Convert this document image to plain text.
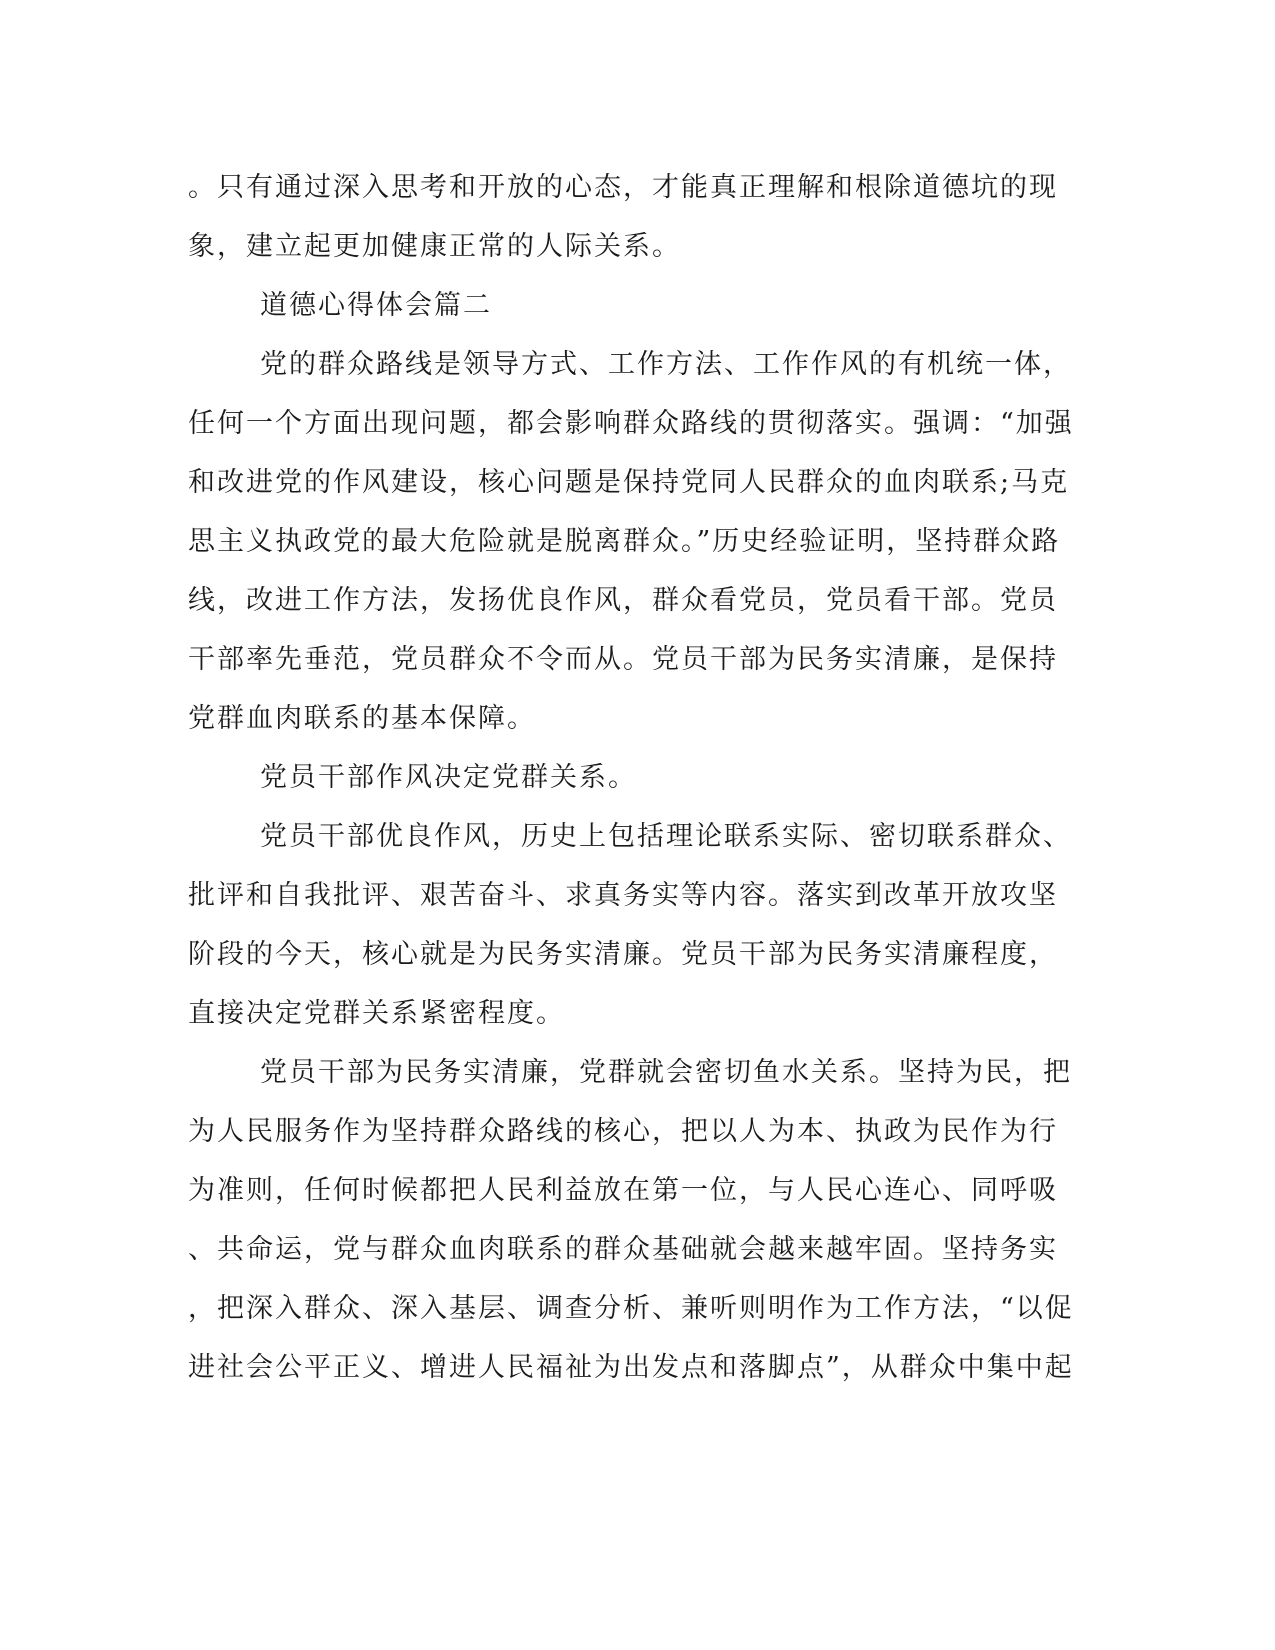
。只有通过深入思考和开放的心态，才能真正理解和根除道德坑的现
象，建立起更加健康正常的人际关系。
道德心得体会篇二
党的群众路线是领导方式、工作方法、工作作风的有机统一体，
任何一个方面出现问题，都会影响群众路线的贯彻落实。强调：“加强
和改进党的作风建设，核心问题是保持党同人民群众的血肉联系;马克
思主义执政党的最大危险就是脱离群众。”历史经验证明，坚持群众路
线，改进工作方法，发扬优良作风，群众看党员，党员看干部。党员
干部率先垂范，党员群众不令而从。党员干部为民务实清廉，是保持
党群血肉联系的基本保障。
党员干部作风决定党群关系。
党员干部优良作风，历史上包括理论联系实际、密切联系群众、
批评和自我批评、艰苦奋斗、求真务实等内容。落实到改革开放攻坚
阶段的今天，核心就是为民务实清廉。党员干部为民务实清廉程度，
直接决定党群关系紧密程度。
党员干部为民务实清廉，党群就会密切鱼水关系。坚持为民，把
为人民服务作为坚持群众路线的核心，把以人为本、执政为民作为行
为准则，任何时候都把人民利益放在第一位，与人民心连心、同呼吸
、共命运，党与群众血肉联系的群众基础就会越来越牢固。坚持务实
，把深入群众、深入基层、调查分析、兼听则明作为工作方法，“以促
进社会公平正义、增进人民福祉为出发点和落脚点”，从群众中集中起
